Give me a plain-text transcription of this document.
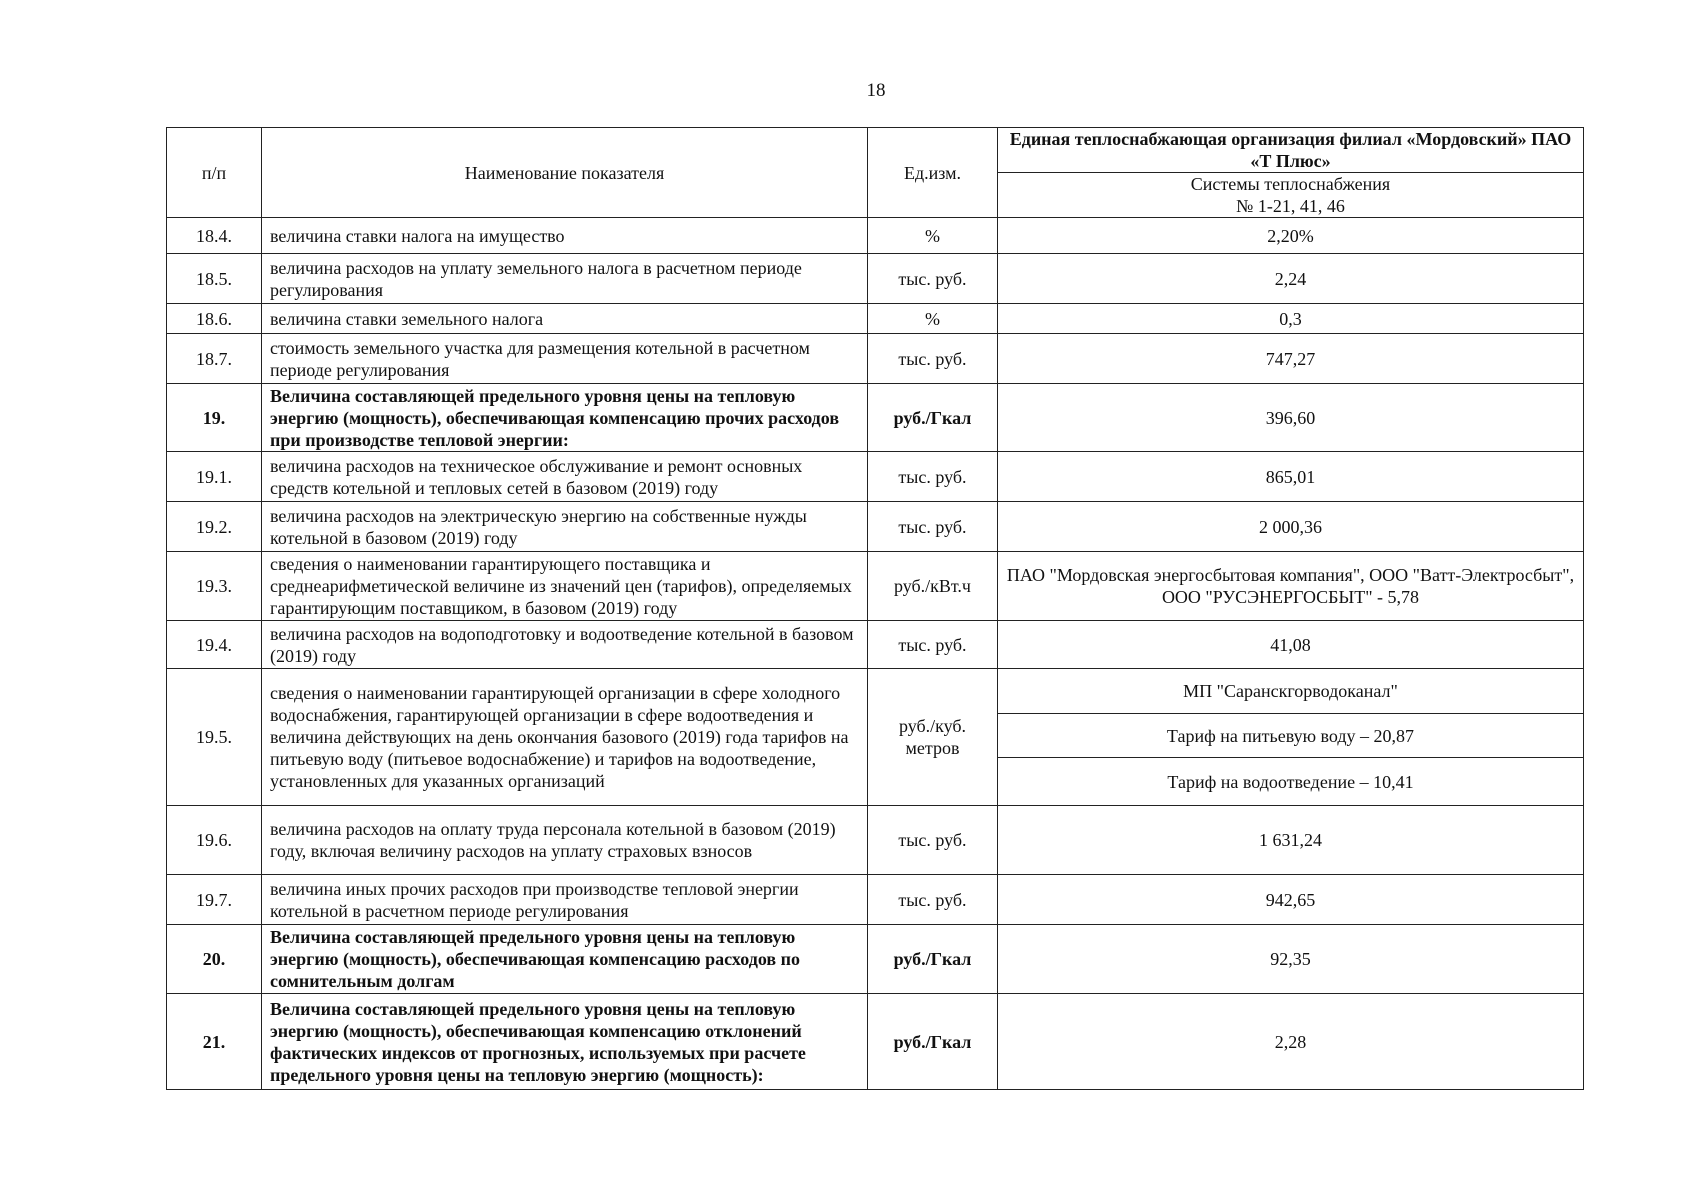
18
п/п	Наименование показателя	Ед.изм.	Единая теплоснабжающая организация филиал «Мордовский» ПАО «Т Плюс»

			Системы теплоснабжения
№ 1-21, 41, 46

18.4.	величина ставки налога на имущество	%	2,20%
18.5.	величина расходов на уплату земельного налога в расчетном периоде регулирования	тыс. руб.	2,24
18.6.	величина ставки земельного налога	%	0,3
18.7.	стоимость земельного участка для размещения котельной в расчетном периоде регулирования	тыс. руб.	747,27
19.	Величина составляющей предельного уровня цены на тепловую энергию (мощность), обеспечивающая компенсацию прочих расходов при производстве тепловой энергии:	руб./Гкал	396,60
19.1.	величина расходов на техническое обслуживание и ремонт основных средств котельной и тепловых сетей в базовом (2019) году	тыс. руб.	865,01
19.2.	величина расходов на электрическую энергию на собственные нужды котельной в базовом (2019) году	тыс. руб.	2 000,36
19.3.	сведения о наименовании гарантирующего поставщика и среднеарифметической величине из значений цен (тарифов), определяемых гарантирующим поставщиком, в базовом (2019) году	руб./кВт.ч	ПАО "Мордовская энергосбытовая компания", ООО "Ватт-Электросбыт", ООО "РУСЭНЕРГОСБЫТ" - 5,78
19.4.	величина расходов на водоподготовку и водоотведение котельной в базовом (2019) году	тыс. руб.	41,08
19.5.	сведения о наименовании гарантирующей организации в сфере холодного водоснабжения, гарантирующей организации в сфере водоотведения и величина действующих на день окончания базового (2019) года тарифов на питьевую воду (питьевое водоснабжение) и тарифов на водоотведение, установленных для указанных организаций	руб./куб. метров	МП "Саранскгорводоканал"
			Тариф на питьевую воду – 20,87
			Тариф на водоотведение – 10,41
19.6.	величина расходов на оплату труда персонала котельной в базовом (2019) году, включая величину расходов на уплату страховых взносов	тыс. руб.	1 631,24
19.7.	величина иных прочих расходов при производстве тепловой энергии котельной в расчетном периоде регулирования	тыс. руб.	942,65
20.	Величина составляющей предельного уровня цены на тепловую энергию (мощность), обеспечивающая компенсацию расходов по сомнительным долгам	руб./Гкал	92,35
21.	Величина составляющей предельного уровня цены на тепловую энергию (мощность), обеспечивающая компенсацию отклонений фактических индексов от прогнозных, используемых при расчете предельного уровня цены на тепловую энергию (мощность):	руб./Гкал	2,28
